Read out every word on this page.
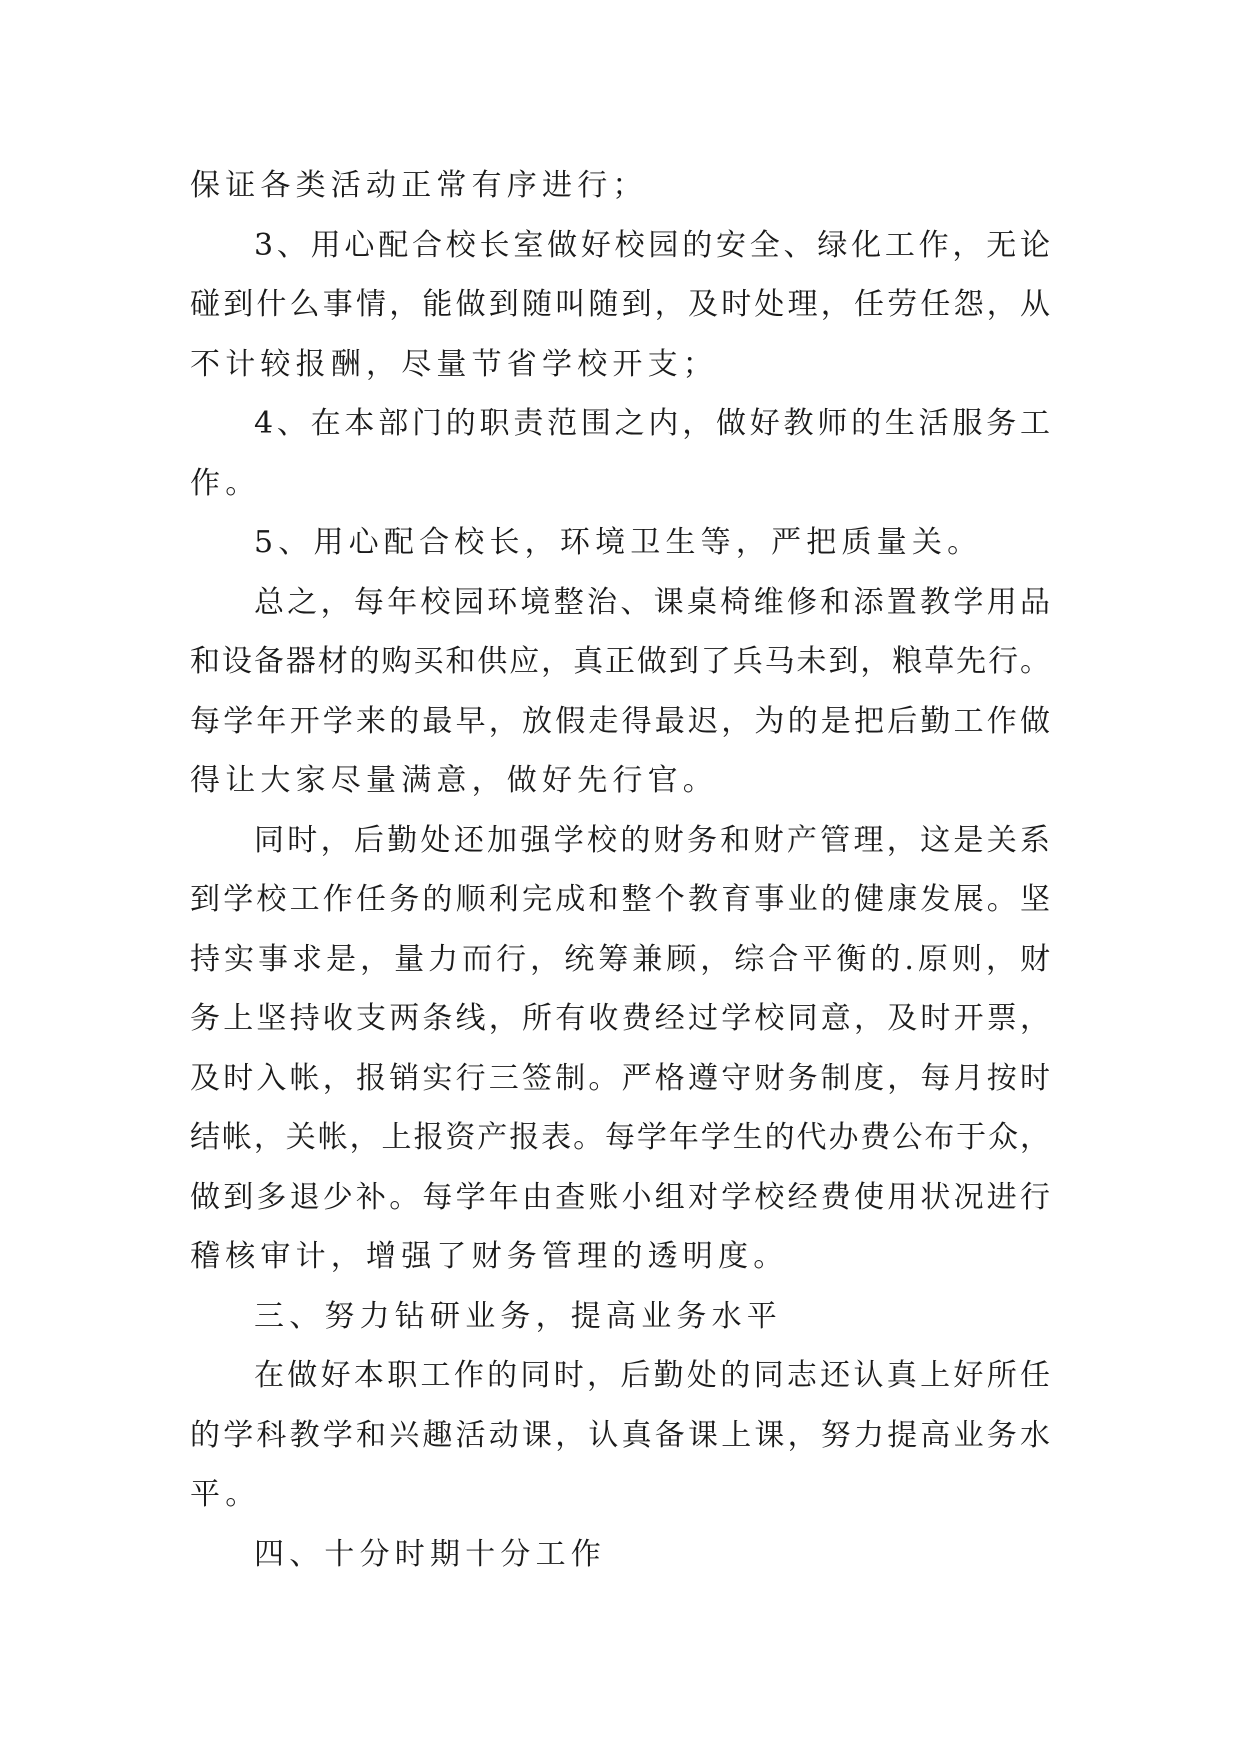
保证各类活动正常有序进行；
3、用心配合校长室做好校园的安全、绿化工作，无论
碰到什么事情，能做到随叫随到，及时处理，任劳任怨，从
不计较报酬，尽量节省学校开支；
4、在本部门的职责范围之内，做好教师的生活服务工
作。
5、用心配合校长，环境卫生等，严把质量关。
总之，每年校园环境整治、课桌椅维修和添置教学用品
和设备器材的购买和供应，真正做到了兵马未到，粮草先行。
每学年开学来的最早，放假走得最迟，为的是把后勤工作做
得让大家尽量满意，做好先行官。
同时，后勤处还加强学校的财务和财产管理，这是关系
到学校工作任务的顺利完成和整个教育事业的健康发展。坚
持实事求是，量力而行，统筹兼顾，综合平衡的.原则，财
务上坚持收支两条线，所有收费经过学校同意，及时开票，
及时入帐，报销实行三签制。严格遵守财务制度，每月按时
结帐，关帐，上报资产报表。每学年学生的代办费公布于众，
做到多退少补。每学年由查账小组对学校经费使用状况进行
稽核审计，增强了财务管理的透明度。
三、努力钻研业务，提高业务水平
在做好本职工作的同时，后勤处的同志还认真上好所任
的学科教学和兴趣活动课，认真备课上课，努力提高业务水
平。
四、十分时期十分工作
